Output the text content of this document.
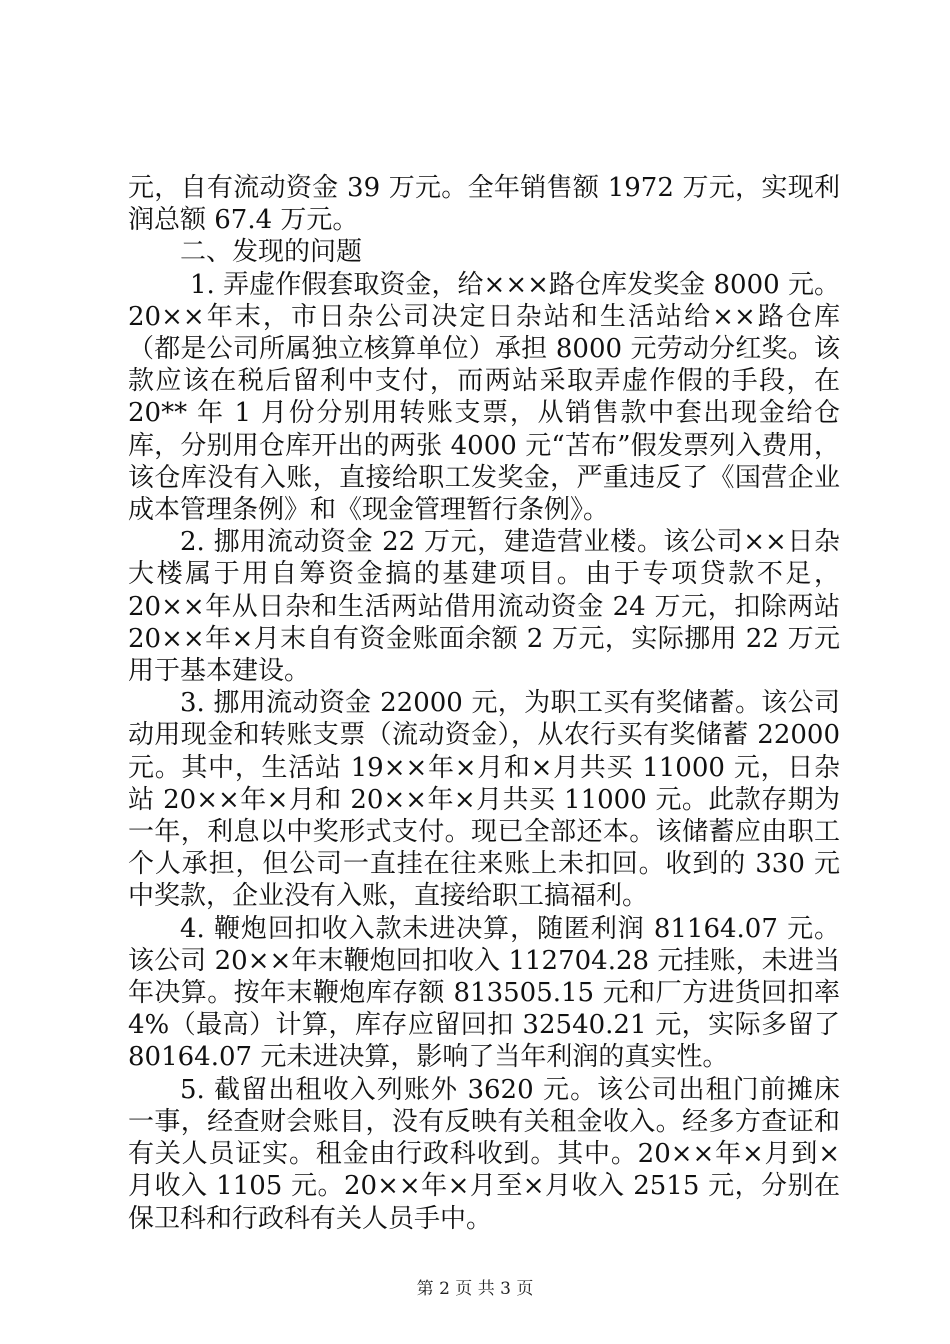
元，自有流动资金 39 万元。全年销售额 1972 万元，实现利润总额 67.4 万元。

二、发现的问题

1. 弄虚作假套取资金，给×××路仓库发奖金 8000 元。20××年末，市日杂公司决定日杂站和生活站给××路仓库（都是公司所属独立核算单位）承担 8000 元劳动分红奖。该款应该在税后留利中支付，而两站采取弄虚作假的手段，在 20** 年 1 月份分别用转账支票，从销售款中套出现金给仓库，分别用仓库开出的两张 4000 元“苫布”假发票列入费用，该仓库没有入账，直接给职工发奖金，严重违反了《国营企业成本管理条例》和《现金管理暂行条例》。

2. 挪用流动资金 22 万元，建造营业楼。该公司××日杂大楼属于用自筹资金搞的基建项目。由于专项贷款不足，20××年从日杂和生活两站借用流动资金 24 万元，扣除两站 20××年×月末自有资金账面余额 2 万元，实际挪用 22 万元用于基本建设。

3. 挪用流动资金 22000 元，为职工买有奖储蓄。该公司动用现金和转账支票（流动资金），从农行买有奖储蓄 22000 元。其中，生活站 19××年×月和×月共买 11000 元，日杂站 20××年×月和 20××年×月共买 11000 元。此款存期为一年，利息以中奖形式支付。现已全部还本。该储蓄应由职工个人承担，但公司一直挂在往来账上未扣回。收到的 330 元中奖款，企业没有入账，直接给职工搞福利。

4. 鞭炮回扣收入款未进决算，随匿利润 81164.07 元。该公司 20××年末鞭炮回扣收入 112704.28 元挂账，未进当年决算。按年末鞭炮库存额 813505.15 元和厂方进货回扣率 4%（最高）计算，库存应留回扣 32540.21 元，实际多留了 80164.07 元未进决算，影响了当年利润的真实性。

5. 截留出租收入列账外 3620 元。该公司出租门前摊床一事，经查财会账目，没有反映有关租金收入。经多方查证和有关人员证实。租金由行政科收到。其中。20××年×月到×月收入 1105 元。20××年×月至×月收入 2515 元，分别在保卫科和行政科有关人员手中。

第 2 页 共 3 页
